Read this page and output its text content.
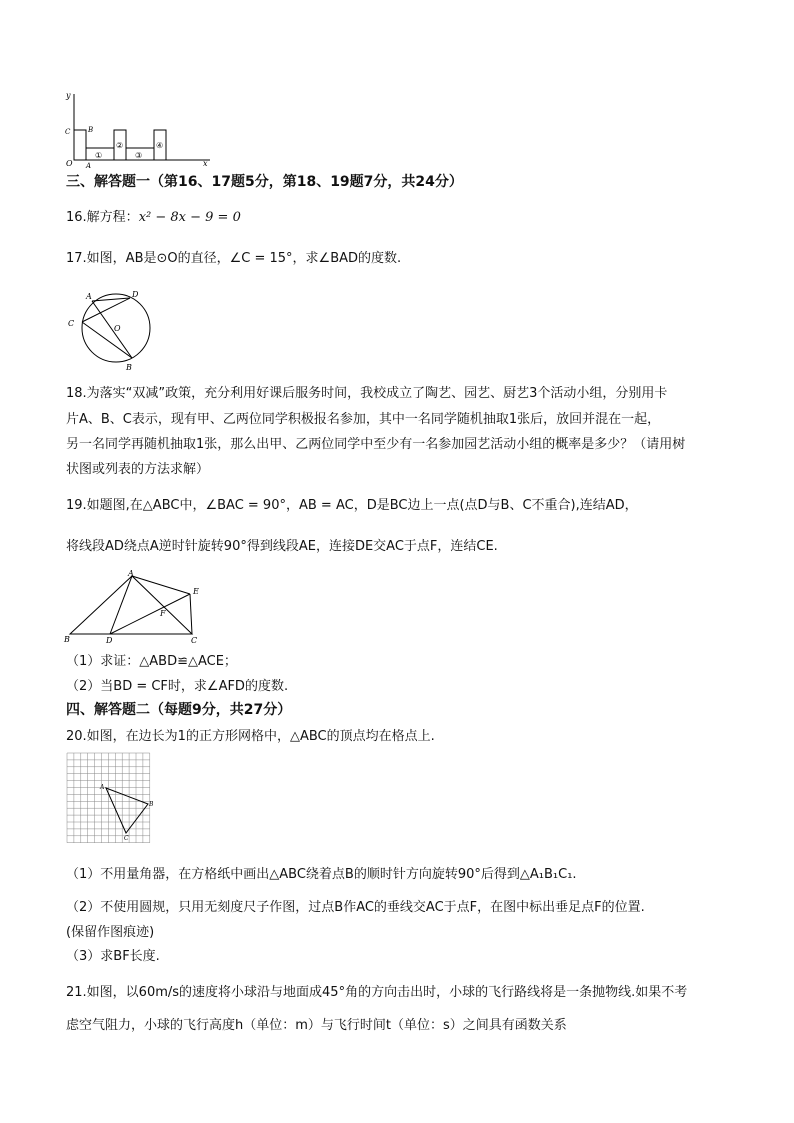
y
x
O A
B
C
①
②
③
④
三、解答题一（第16、17题5分，第18、19题7分，共24分）
16.解方程：x² − 8x − 9 = 0
17.如图，AB是⊙O的直径，∠C = 15°，求∠BAD的度数.
A	D
C
O
B
18.为落实“双减”政策，充分利用好课后服务时间，我校成立了陶艺、园艺、厨艺3个活动小组，分别用卡
片A、B、C表示，现有甲、乙两位同学积极报名参加，其中一名同学随机抽取1张后，放回并混在一起，
另一名同学再随机抽取1张，那么出甲、乙两位同学中至少有一名参加园艺活动小组的概率是多少？（请用树
状图或列表的方法求解）
19.如题图,在△ABC中，∠BAC = 90°，AB = AC，D是BC边上一点(点D与B、C不重合),连结AD，
将线段AD绕点A逆时针旋转90°得到线段AE，连接DE交AC于点F，连结CE.
A
E
F
B	D	C
（1）求证：△ABD≌△ACE；
（2）当BD = CF时，求∠AFD的度数.
四、解答题二（每题9分，共27分）
20.如图，在边长为1的正方形网格中，△ABC的顶点均在格点上.
A
B
C
（1）不用量角器，在方格纸中画出△ABC绕着点B的顺时针方向旋转90°后得到△A₁B₁C₁.
（2）不使用圆规，只用无刻度尺子作图，过点B作AC的垂线交AC于点F，在图中标出垂足点F的位置.
(保留作图痕迹)
（3）求BF长度.
21.如图，以60m/s的速度将小球沿与地面成45°角的方向击出时，小球的飞行路线将是一条抛物线.如果不考
虑空气阻力，小球的飞行高度h（单位：m）与飞行时间t（单位：s）之间具有函数关系
